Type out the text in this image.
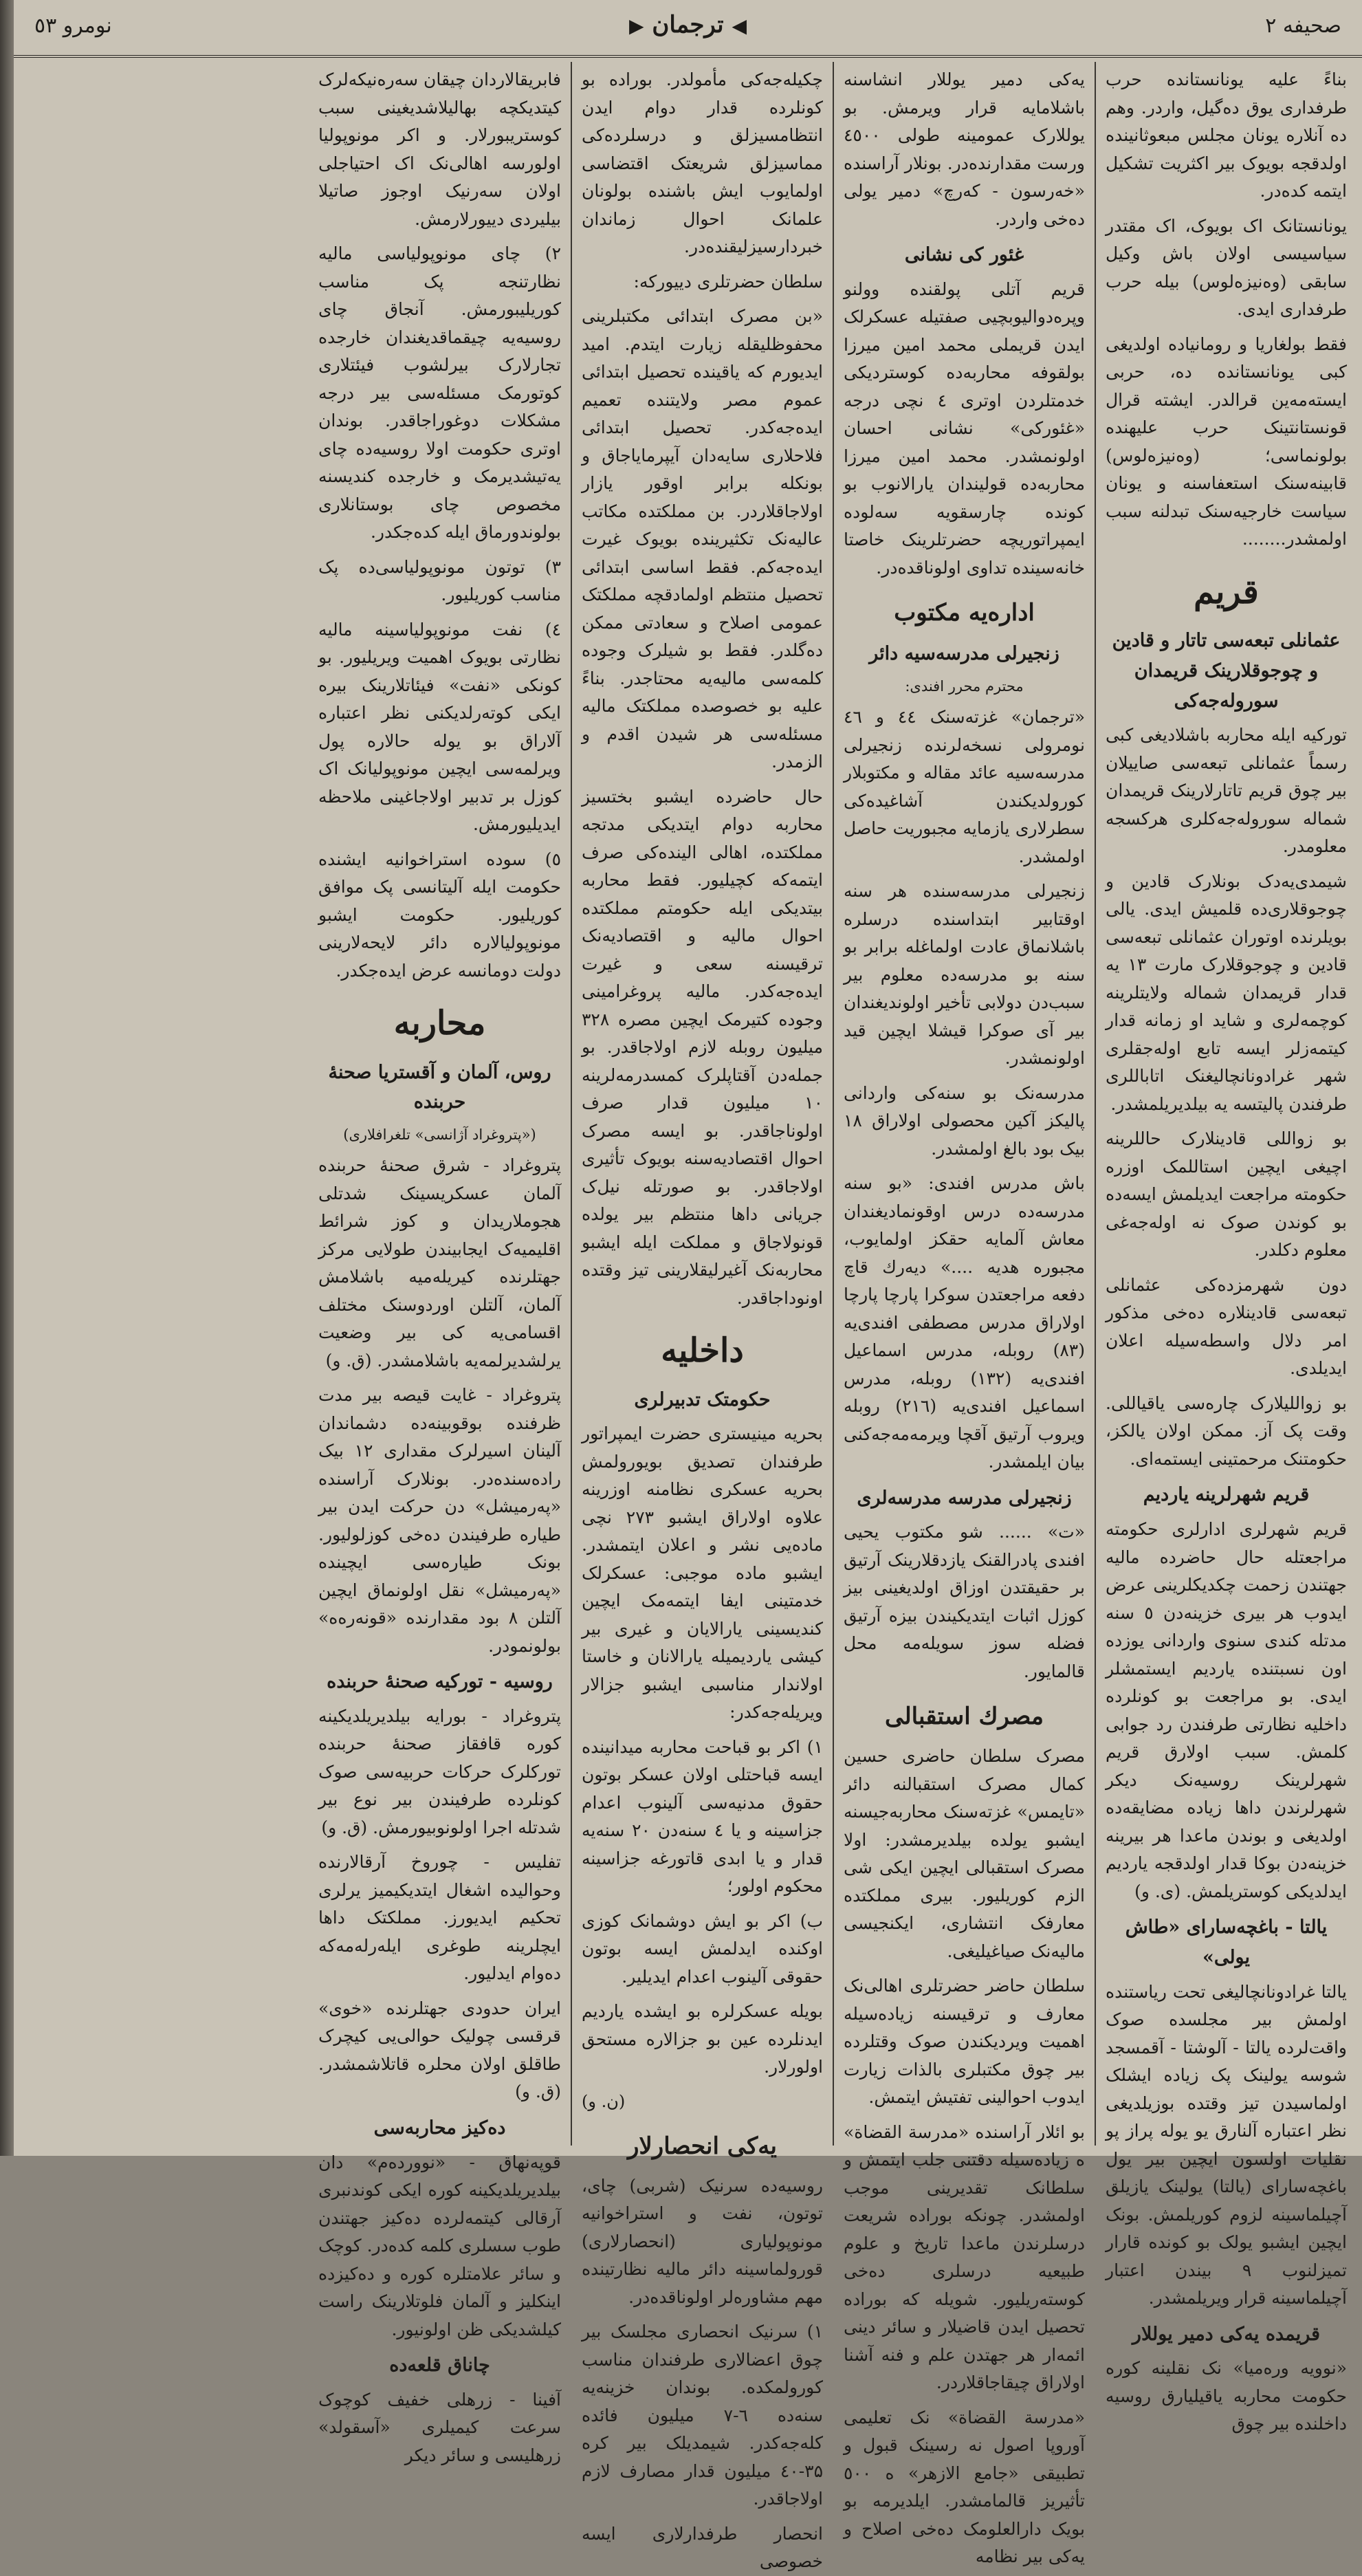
صحیفه ۲
◀ ترجمان ▶
نومرو ٥٣

بناءً علیه یونانستانده حرب طرفداری یوق ده‌گیل، واردر. وهم ده آنلاره یونان مجلس مبعوثانینده اولدقجه بویوک بیر اکثریت تشکیل ایتمه کده‌در.

یونانستانک اک بویوک، اک مقتدر سیاسیسی اولان باش وکیل سابقی (وه‌نیزه‌لوس) بیله حرب طرفداری ایدی.

فقط بولغاریا و رومانیاده اولدیغی کبی یونانستانده ده، حربی ایسته‌مه‌ین قرالدر. ایشته قرال قونستانتینک حرب علیهنده بولونماسی؛ (وه‌نیزه‌لوس) قابینه‌سنک استعفاسنه و یونان سیاست خارجیه‌سنک تبدلنه سبب اولمشدر........

قریم
عثمانلی تبعه‌سی تاتار و قادین و چوجوقلارینک قریمدان سوروله‌جه‌کی

تورکیه ایله محاربه باشلادیغی کبی رسماً عثمانلی تبعه‌سی صاییلان بیر چوق قریم تاتارلارینک قریمدان شماله سوروله‌جه‌کلری هرکسجه معلومدر.

شیمدی‌یه‌دک بونلارک قادین و چوجوقلاری‌ده قلمیش ایدی. یالی بویلرنده اوتوران عثمانلی تبعه‌سی قادین و چوجوقلارک مارت ۱۳ یه قدار قریمدان شماله ولایتلرینه کوچمه‌لری و شاید او زمانه قدار کیتمه‌زلر ایسه تابع اوله‌جقلری شهر غرادونانچالیغنک اتاباللری طرفندن پالیتسه یه بیلدیریلمشدر.

بو زواللی قادینلارک حاللرینه اچیغی ایچین استاللمک اوزره حکومته مراجعت ایدیلمش ایسه‌ده بو کوندن صوک نه اوله‌جه‌غی معلوم دکلدر.

دون شهرمزده‌کی عثمانلی تبعه‌سی قادینلاره ده‌خی مذکور امر دلال واسطه‌سیله اعلان ایدیلدی.

بو زواللیلارک چاره‌سی یاقیاللی. وقت پک آز. ممکن اولان یالکز، حکومتنک مرحمتینی ایستمه‌ای.

قریم شهرلرینه یاردیم

قریم شهرلری ادارلری حکومته مراجعتله حال حاضرده مالیه جهتندن زحمت چکدیکلرینی عرض ایدوب هر بیری خزینه‌دن ٥ سنه مدتله کندی سنوی واردانی یوزده اون نسبتنده یاردیم ایستمشلر ایدی. بو مراجعت بو کونلرده داخلیه نظارتی طرفندن رد جوابی کلمش. سبب اولارق قریم شهرلرینک روسیه‌نک دیکر شهرلرندن داها زیاده مضایقه‌ده اولدیغی و بوندن ماعدا هر بیرینه خزینه‌دن بوکا قدار اولدقجه یاردیم ایدلدیکی کوستریلمش. (ی. و)

یالتا - باغچه‌سارای «طاش یولی»

یالتا غرادونانچالیغی تحت ریاستنده اولمش بیر مجلسده صوک واقت‌لرده یالتا - آلوشتا - آقمسجد شوسه یولینک پک زیاده ایشلک اولماسیدن تیز وقتده بوزیلدیغی نظر اعتباره آلنارق یو یوله پراز پو نقلیات اولسون ایچین بیر یول باغچه‌سارای (یالتا) یولینک یازیلق آچیلماسینه لزوم کوریلمش. بونک ایچین ایشبو یولک بو کونده قارار تمیزلنوب ۹ بیندن اعتبار آچیلماسینه قرار ویریلمشدر.

قریمده یه‌کی دمیر یوللار

«نوویه وره‌میا» نک نقلینه کوره حکومت محاربه یاقیلیارق روسیه داخلنده بیر چوق

یه‌کی دمیر یوللار انشاسنه باشلامایه قرار ویرمش. بو یوللارک عمومینه طولی ٤٥٠٠ ورست مقدارنده‌در. بونلار آراسنده «خه‌رسون - که‌رچ» دمیر یولی ده‌خی واردر.

غئور کی نشانی

قریم آتلی پولقنده وولنو وپره‌دوالیوبچیی صفتیله عسکرلک ایدن قریملی محمد امین میرزا بولقوفه محاربه‌ده کوستردیکی خدمتلردن اوتری ٤ نچی درجه «غئورکی» نشانی احسان اولونمشدر. محمد امین میرزا محاربه‌ده قولیندان یارالانوب بو کونده چارسقویه سه‌لوده ایمپراتوریچه حضرتلرینک خاصتا خانه‌سینده تداوی اولوناقده‌در.

اداره‌یه مکتوب
زنجیرلی مدرسه‌سیه دائر
محترم محرر افندی:

«ترجمان» غزته‌سنک ٤٤ و ٤٦ نومرولی نسخه‌لرنده زنجیرلی مدرسه‌سیه عائد مقاله و مکتوبلار کورولدیکندن آشاغیده‌کی سطرلاری یازمایه مجبوریت حاصل اولمشدر.

زنجیرلی مدرسه‌سنده هر سنه اوقتابیر ابتداسنده درسلره باشلانماق عادت اولماغله برابر بو سنه بو مدرسه‌ده معلوم بیر سبب‌دن دولابی تأخیر اولوندیغندان بیر آی صوکرا قیشلا ایچین قید اولونمشدر.

مدرسه‌نک بو سنه‌کی واردانی پالیکز آکین محصولی اولاراق ۱۸ بیک بود بالغ اولمشدر.

باش مدرس افندی: «بو سنه مدرسه‌ده درس اوقونمادیغندان معاش آلمایه حقکز اولمایوب، مجبوره هدیه ....» دیه‌رك قاچ دفعه مراجعتدن سوکرا پارچا پارچا اولاراق مدرس مصطفی افندی‌یه (۸۳) روبله، مدرس اسماعیل افندی‌یه (۱۳۲) روبله، مدرس اسماعیل افندی‌یه (۲۱٦) روبله ویروب آرتیق آقچا ویرمه‌مه‌جه‌کنی بیان ایلمشدر.

زنجیرلی مدرسه مدرسه‌لری

«ت» ...... شو مکتوب یحیی افندی پادرالقنک یازدقلارینک آرتیق بر حقیقتدن اوزاق اولدیغینی بیز کوزل اثبات ایتدیکیندن بیزه آرتیق فضله سوز سویله‌مه محل قالمایور.

مصرك استقبالی

مصرک سلطان حاضری حسین کمال مصرک استقبالنه دائر «تایمس» غزته‌سنک محاربه‌جیسنه ایشبو یولده بیلدیرمشدر: اولا مصرک استقبالی ایچین ایکی شی الزم کوریلیور. بیری مملکتده معارفک انتشاری، ایکنجیسی مالیه‌نک صیاغیلیغی.

سلطان حاضر حضرتلری اهالی‌نک معارف و ترقیسنه زیاده‌سیله اهمیت ویردیکندن صوک وقتلرده بیر چوق مکتبلری بالذات زیارت ایدوب احوالینی تفتیش ایتمش.

بو ائلار آراسنده «مدرسة القضاة» ه زیاده‌سیله دقتنی جلب ایتمش و سلطانک تقدیرینی موجب اولمشدر. چونکه بوراده شریعت درسلرندن ماعدا تاریخ و علوم طبیعیه درسلری ده‌خی کوسته‌ریلیور. شویله که بوراده تحصیل ایدن قاضیلار و سائر دینی ائمه‌ار هر جهتدن علم و فنه آشنا اولاراق چیقاجاقلاردر.

«مدرسة القضاة» نک تعلیمی آوروپا اصول نه رسینک قبول و تطبیقی «جامع الازهر» ه ٥٠٠ تأثیریز قالمامشدر. ایلدیرمه بو بویک دارالعلومک ده‌خی اصلاح و یه‌کی بیر نظامه

چکیله‌جه‌کی مأمولدر. بوراده بو کونلرده قدار دوام ایدن انتظامسیزلق و درسلرده‌کی مماسیزلق شریعتک اقتضاسی اولمایوب ایش باشنده بولونان علمانک احوال زماندان خبردارسیزلیقنده‌در.

سلطان حضرتلری دییورکه:

«بن مصرک ابتدائی مکتبلرینی محفوظلیقله زیارت ایتدم. امید ایدیورم که یاقینده تحصیل ابتدائی عموم مصر ولایتنده تعمیم ایده‌جه‌کدر. تحصیل ابتدائی فلاحلاری سایه‌دان آیپرمایاجاق و بونکله برابر اوقور یازار اولاجاقلاردر. بن مملکتده مکاتب عالیه‌نک تکثیرینده بویوک غیرت ایده‌جه‌کم. فقط اساسی ابتدائی تحصیل منتظم اولمادقچه مملکتک عمومی اصلاح و سعادتی ممکن ده‌گلدر. فقط بو شیلرک وجوده کلمه‌سی مالیه‌یه محتاجدر. بناءً علیه بو خصوصده مملکتک مالیه مسئله‌سی هر شیدن اقدم و الزمدر.

حال حاضرده ایشبو بختسیز محاربه دوام ایتدیکی مدتجه مملکتده، اهالی الینده‌کی صرف ایتمه‌که کچیلیور. فقط محاربه بیتدیکی ایله حکومتم مملکتده احوال مالیه و اقتصادیه‌نک ترقیسنه سعی و غیرت ایده‌جه‌کدر. مالیه پروغرامینی وجوده کتیرمک ایچین مصره ۳۲۸ میلیون روبله لازم اولاجاقدر. بو جمله‌دن آقتاپلرک کمسدرمه‌لرینه ۱۰ میلیون قدار صرف اولوناجاقدر. بو ایسه مصرک احوال اقتصادیه‌سنه بویوک تأثیری اولاجاقدر. بو صورتله نیل‌ک جریانی داها منتظم بیر یولده قونولاجاق و مملکت ایله ایشبو محاربه‌نک آغیرلیقلارینی تیز وقتده اونوداجاقدر.

داخلیه
حکومتک تدبیرلری

بحریه مینیستری حضرت ایمپراتور طرفندان تصدیق بویورولمش بحریه عسکری نظامنه اوزرینه علاوه اولاراق ایشبو ۲۷۳ نچی ماده‌یی نشر و اعلان ایتمشدر. ایشبو ماده موجبی: عسکرلک خدمتینی ایفا ایتمه‌مک ایچین کندیسینی یارالایان و غیری بیر کیشی یاردیمیله یارالانان و خاستا اولاندار منا‌سبی ایشبو جزالار ویریله‌جه‌کدر:

۱) اکر بو قباحت محاربه میدانینده ایسه قباحتلی اولان عسکر بوتون حقوق مدنیه‌سی آلینوب اعدام جزاسینه و یا ٤ سنه‌دن ۲۰ سنه‌یه قدار و یا ابدی قاتورغه جزاسینه محکوم اولور؛

ب) اکر بو ایش دوشمانک کوزی اوکنده ایدلمش ایسه بوتون حقوقی آلینوب اعدام ایدیلیر.

بویله عسکرلره بو ایشده یاردیم ایدنلرده عین بو جزالاره مستحق اولورلار.

(ن. و)
یه‌کی انحصارلار

روسیه‌ده سرنیک (شربی) چای، توتون، نفت و استراخوانیه مونوپولیاری (انحصارلاری) قورولماسینه دائر مالیه نظارتینده مهم مشاوره‌لر اولوناقده‌در.

۱) سرنیک انحصاری مجلسک بیر چوق اعضالاری طرفندان مناسب کورولمکده. بوندان خزینه‌یه سنه‌ده ٦-۷ میلیون فائده کله‌جه‌کدر. شیمدیلک بیر کره ۳۵-٤۰ میلیون قدار مصارف لازم اولاجاقدر.

انحصار طرفدارلاری ایسه خصوصی

فابریقالاردان چیقان سه‌ره‌نیکه‌لرک کیتدیکچه بهالیلاشدیغینی سبب کوستریبورلار. و اکر مونوپولیا اولورسه اهالی‌نک اک احتیاجلی اولان سه‌رنیک اوجوز صاتیلا بیلیردی دییورلارمش.

۲) چای مونوپولیاسی مالیه نظارتنجه پک مناسب کوریلیبورمش. آنجاق چای روسیه‌یه چیقماقدیغندان خارجده تجارلارک بیرلشوب فیئتلاری کوتورمک مسئله‌سی بیر درجه مشکلات دوغوراجاقدر. بوندان اوتری حکومت اولا روسیه‌ده چای یه‌تیشدیرمک و خارجده کندیسنه مخصوص چای بوستانلاری بولوندورماق ایله کده‌جکدر.

۳) توتون مونوپولیاسی‌ده پک مناسب کوریلیور.

٤) نفت مونوپولیاسینه مالیه نظارتی بویوک اهمیت ویریلیور. بو کونکی «نفت» فیئاتلارینک بیره ایکی کوته‌رلدیکنی نظر اعتباره آلاراق بو یوله حالاره پول ویرلمه‌سی ایچین مونوپولیانک اک کوزل بر تدبیر اولاجاغینی ملاحظه ایدیلیورمش.

٥) سوده استراخوانیه ایشنده حکومت ایله آلیتانسی پک موافق کوریلیور. حکومت ایشبو مونوپولیالاره دائر لایحه‌لارینی دولت دومانسه عرض ایده‌جکدر.

محاربه
روس، آلمان و آقستریا صحنهٔ حربنده
(«پتروغراد آژانسی» تلغرافلاری)

پتروغراد - شرق صحنهٔ حربنده آلمان عسکریسینک شدتلی هجوملاریدان و کوز شرائط اقلیمیه‌ک ایجابیندن طولایی مرکز جهتلرنده کیریله‌میه باشلامش آلمان، آلتلن اوردوسنک مختلف اقسامی‌یه کی بیر وضعیت یرلشدیرلمه‌یه باشلامشدر. (ق. و)

پتروغراد - غایت قیصه بیر مدت ظرفنده بوقوبینه‌ده دشماندان آلینان اسیرلرک مقداری ۱۲ بیک راده‌سنده‌در. بونلارک آراسنده «په‌رمیشل» دن حرکت ایدن بیر طیاره طرفیندن ده‌خی کوزلولیور. بونک طیاره‌سی ایچینده «په‌رمیشل» نقل اولونماق ایچین آلتلن ۸ بود مقدارنده «قونه‌ره‌ه» بولونمودر.

روسیه - تورکیه صحنهٔ حربنده

پتروغراد - بورایه بیلدیریلدیکینه کوره قافقاز صحنهٔ حربنده تورکلرک حرکات حربیه‌سی صوک کونلرده طرفیندن بیر نوع بیر شدتله اجرا اولونوبیورمش. (ق. و)

تفلیس - چوروخ آرقالارنده وحوالیده اشغال ایتدیکیمیز یرلری تحکیم ایدیورز. مملکتک داها ایچلرینه طوغری ایله‌رله‌مه‌که ده‌وام ایدلیور.

ایران حدودی جهتلرنده «خوی» قرقسی چولیک حوالی‌یی کیچرک طاقلق اولان محلره قاتلاشمشدر. (ق. و)

ده‌کیز محاربه‌سی

قوپه‌نهاق - «نوورده‌م» دان بیلدیریلدیکینه کوره ایکی کوندنبری آرقالی کیتمه‌لرده ده‌کیز جهتندن طوب سسلری کلمه کده‌در. کوچک و سائر علامتلره کوره و ده‌کیزده اینکلیز و آلمان فلوتلارینک راست کیلشدیکی ظن اولونیور.

چاناق قلعه‌ده

آفینا - زرهلی خفیف کوچوک سرعت کیمیلری «آسقولد» زرهلیسی و سائر دیکر
